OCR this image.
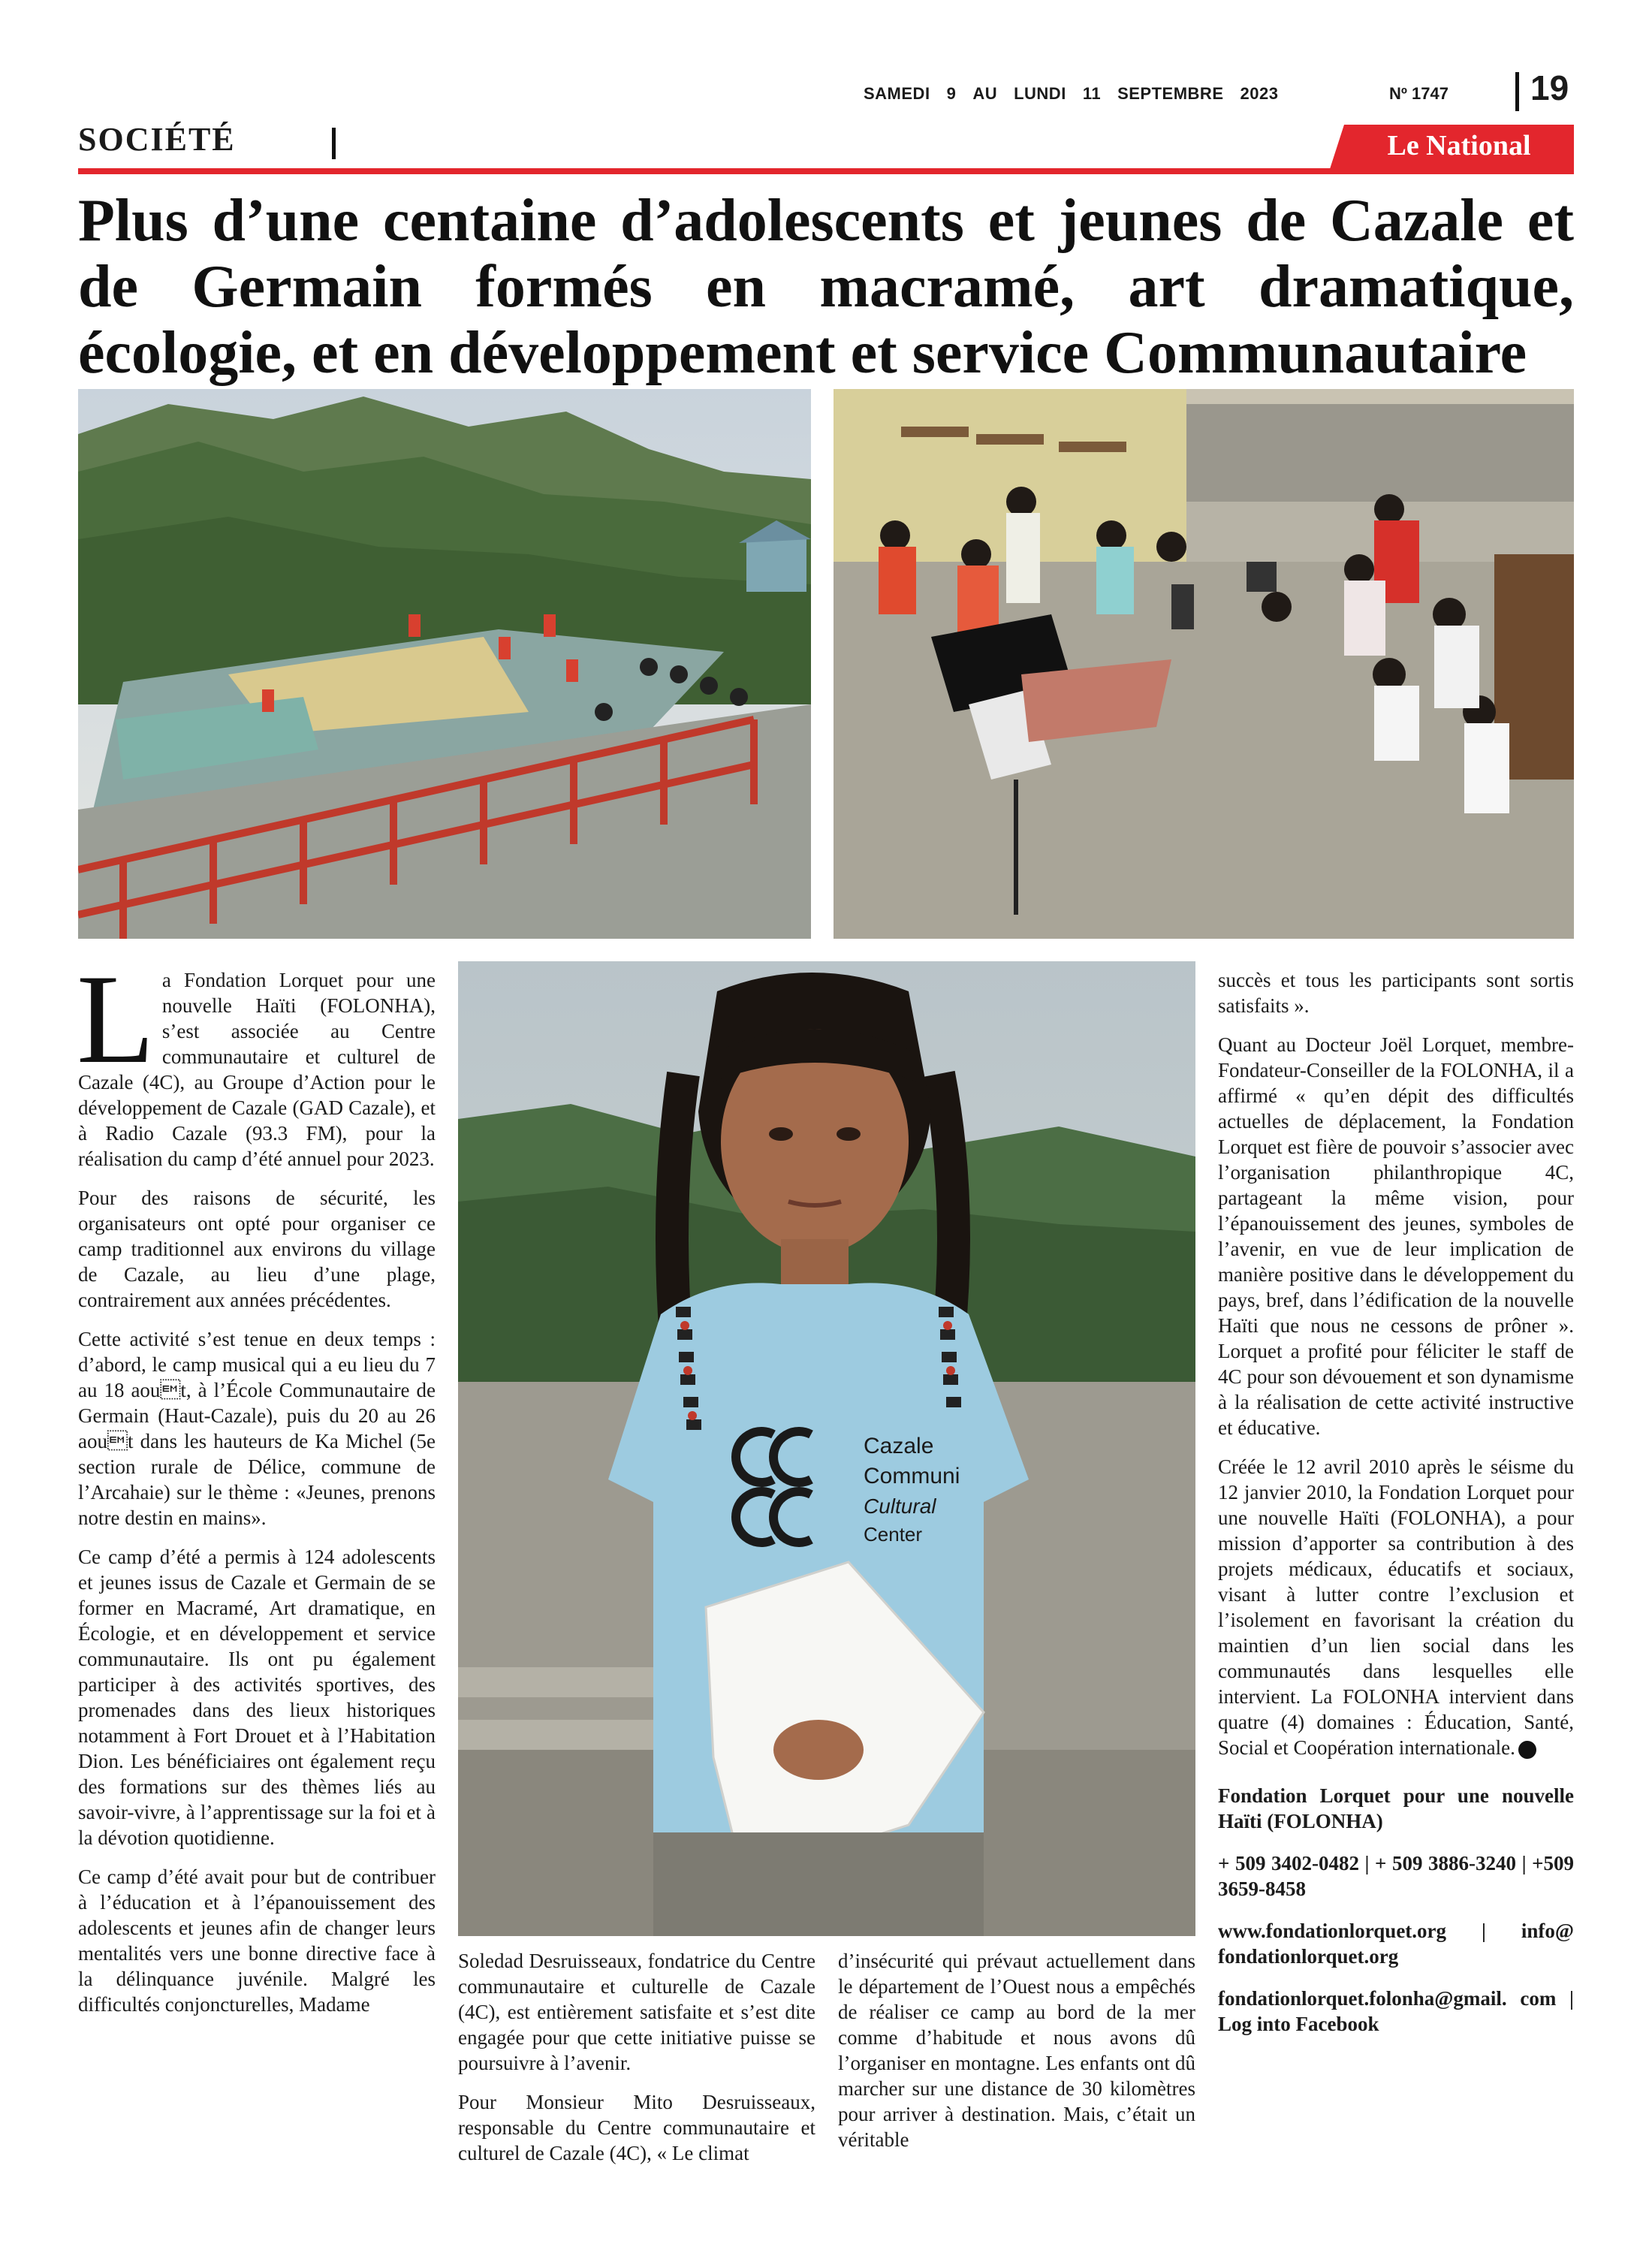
SAMEDI 9 AU LUNDI 11 SEPTEMBRE 2023	Nº 1747 19
SOCIÉTÉ	Le National
Plus d’une centaine d’adolescents et jeunes de Cazale et de Germain formés en macramé, art dramatique, écologie, et en développement et service Communautaire
Cazale
Communi
Cultural
Center

La Fondation Lorquet pour une nouvelle Haïti (FOLONHA), s’est associée au Centre communautaire et culturel de Cazale (4C), au Groupe d’Action pour le développement de Cazale (GAD Cazale), et à Radio Cazale (93.3 FM), pour la réalisation du camp d’été annuel pour 2023.

Pour des raisons de sécurité, les organisateurs ont opté pour organiser ce camp traditionnel aux environs du village de Cazale, au lieu d’une plage, contrairement aux années précédentes.

Cette activité s’est tenue en deux temps : d’abord, le camp musical qui a eu lieu du 7 au 18 aout, à l’École Communautaire de Germain (Haut-Cazale), puis du 20 au 26 aout dans les hauteurs de Ka Michel (5e section rurale de Délice, commune de l’Arcahaie) sur le thème : «Jeunes, prenons notre destin en mains».

Ce camp d’été a permis à 124 adolescents et jeunes issus de Cazale et Germain de se former en Macramé, Art dramatique, en Écologie, et en développement et service communautaire. Ils ont pu également participer à des activités sportives, des promenades dans des lieux historiques notamment à Fort Drouet et à l’Habitation Dion. Les bénéficiaires ont également reçu des formations sur des thèmes liés au savoir-vivre, à l’apprentissage sur la foi et à la dévotion quotidienne.

Ce camp d’été avait pour but de contribuer à l’éducation et à l’épanouissement des adolescents et jeunes afin de changer leurs mentalités vers une bonne directive face à la délinquance juvénile. Malgré les difficultés conjoncturelles, Madame

Soledad Desruisseaux, fondatrice du Centre communautaire et culturelle de Cazale (4C), est entièrement satisfaite et s’est dite engagée pour que cette initiative puisse se poursuivre à l’avenir.

Pour Monsieur Mito Desruisseaux, responsable du Centre communautaire et culturel de Cazale (4C), « Le climat

d’insécurité qui prévaut actuellement dans le département de l’Ouest nous a empêchés de réaliser ce camp au bord de la mer comme d’habitude et nous avons dû l’organiser en montagne. Les enfants ont dû marcher sur une distance de 30 kilomètres pour arriver à destination. Mais, c’était un véritable

succès et tous les participants sont sortis satisfaits ».

Quant au Docteur Joël Lorquet, membre-Fondateur-Conseiller de la FOLONHA, il a affirmé « qu’en dépit des difficultés actuelles de déplacement, la Fondation Lorquet est fière de pouvoir s’associer avec l’organisation philanthropique 4C, partageant la même vision, pour l’épanouissement des jeunes, symboles de l’avenir, en vue de leur implication de manière positive dans le développement du pays, bref, dans l’édification de la nouvelle Haïti que nous ne cessons de prôner ». Lorquet a profité pour féliciter le staff de 4C pour son dévouement et son dynamisme à la réalisation de cette activité instructive et éducative.

Créée le 12 avril 2010 après le séisme du 12 janvier 2010, la Fondation Lorquet pour une nouvelle Haïti (FOLONHA), a pour mission d’apporter sa contribution à des projets médicaux, éducatifs et sociaux, visant à lutter contre l’exclusion et l’isolement en favorisant la création du maintien d’un lien social dans les communautés dans lesquelles elle intervient. La FOLONHA intervient dans quatre (4) domaines : Éducation, Santé, Social et Coopération internationale.

Fondation Lorquet pour une nouvelle Haïti (FOLONHA)

+ 509 3402-0482 | + 509 3886-3240 | +509 3659-8458

www.fondationlorquet.org | info@ fondationlorquet.org

fondationlorquet.folonha@gmail. com | Log into Facebook
